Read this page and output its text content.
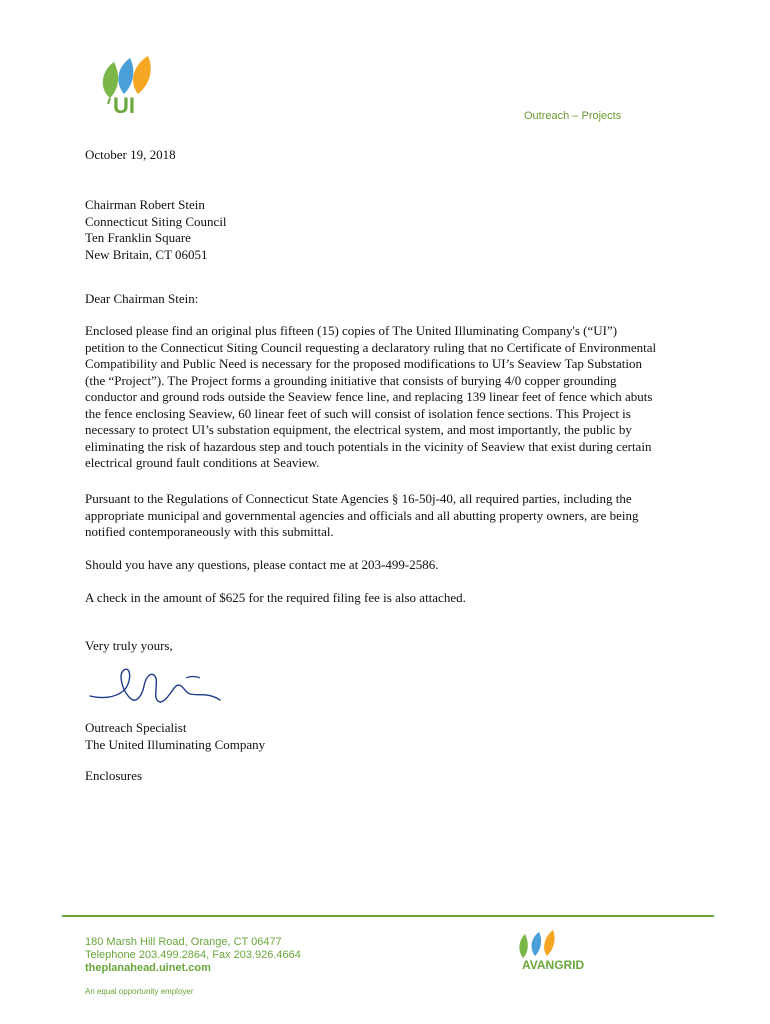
UI	Outreach – Projects
October 19, 2018

Chairman Robert Stein

Connecticut Siting Council

Ten Franklin Square

New Britain, CT 06051

Dear Chairman Stein:

Enclosed please find an original plus fifteen (15) copies of The United Illuminating Company's (“UI”)

petition to the Connecticut Siting Council requesting a declaratory ruling that no Certificate of Environmental

Compatibility and Public Need is necessary for the proposed modifications to UI’s Seaview Tap Substation

(the “Project”). The Project forms a grounding initiative that consists of burying 4/0 copper grounding

conductor and ground rods outside the Seaview fence line, and replacing 139 linear feet of fence which abuts

the fence enclosing Seaview, 60 linear feet of such will consist of isolation fence sections. This Project is

necessary to protect UI’s substation equipment, the electrical system, and most importantly, the public by

eliminating the risk of hazardous step and touch potentials in the vicinity of Seaview that exist during certain

electrical ground fault conditions at Seaview.

Pursuant to the Regulations of Connecticut State Agencies § 16-50j-40, all required parties, including the

appropriate municipal and governmental agencies and officials and all abutting property owners, are being

notified contemporaneously with this submittal.

Should you have any questions, please contact me at 203-499-2586.
A check in the amount of $625 for the required filing fee is also attached.
Very truly yours,

Outreach Specialist

The United Illuminating Company

Enclosures
180 Marsh Hill Road, Orange, CT 06477
Telephone 203.499.2864, Fax 203.926.4664
theplanahead.uinet.com
An equal opportunity employer
AVANGRID
